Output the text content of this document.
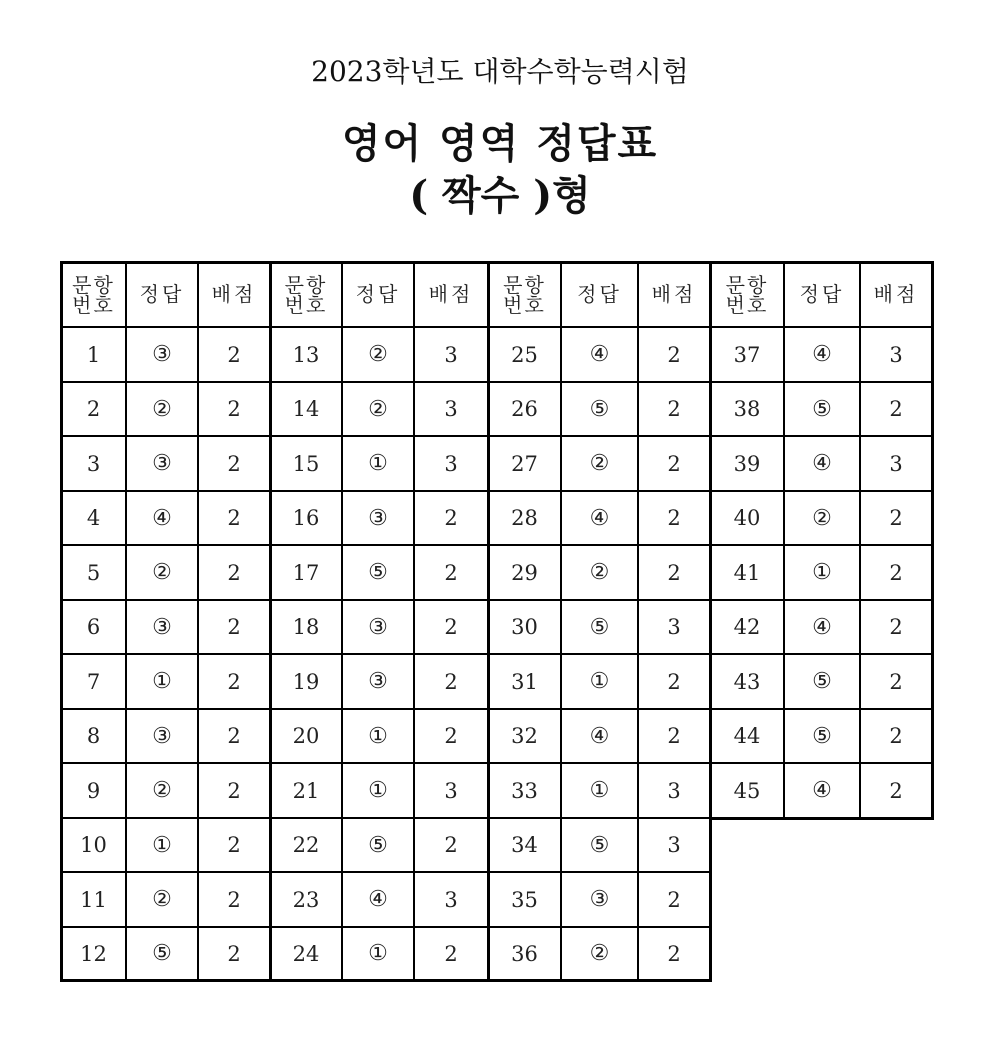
2023학년도 대학수학능력시험
영어 영역 정답표
( 짝수 )형
문항
번호	정답	배점
1	③	2
2	②	2
3	③	2
4	④	2
5	②	2
6	③	2
7	①	2
8	③	2
9	②	2
10	①	2
11	②	2
12	⑤	2
문항
번호	정답	배점
13	②	3
14	②	3
15	①	3
16	③	2
17	⑤	2
18	③	2
19	③	2
20	①	2
21	①	3
22	⑤	2
23	④	3
24	①	2
문항
번호	정답	배점
25	④	2
26	⑤	2
27	②	2
28	④	2
29	②	2
30	⑤	3
31	①	2
32	④	2
33	①	3
34	⑤	3
35	③	2
36	②	2
문항
번호	정답	배점
37	④	3
38	⑤	2
39	④	3
40	②	2
41	①	2
42	④	2
43	⑤	2
44	⑤	2
45	④	2
